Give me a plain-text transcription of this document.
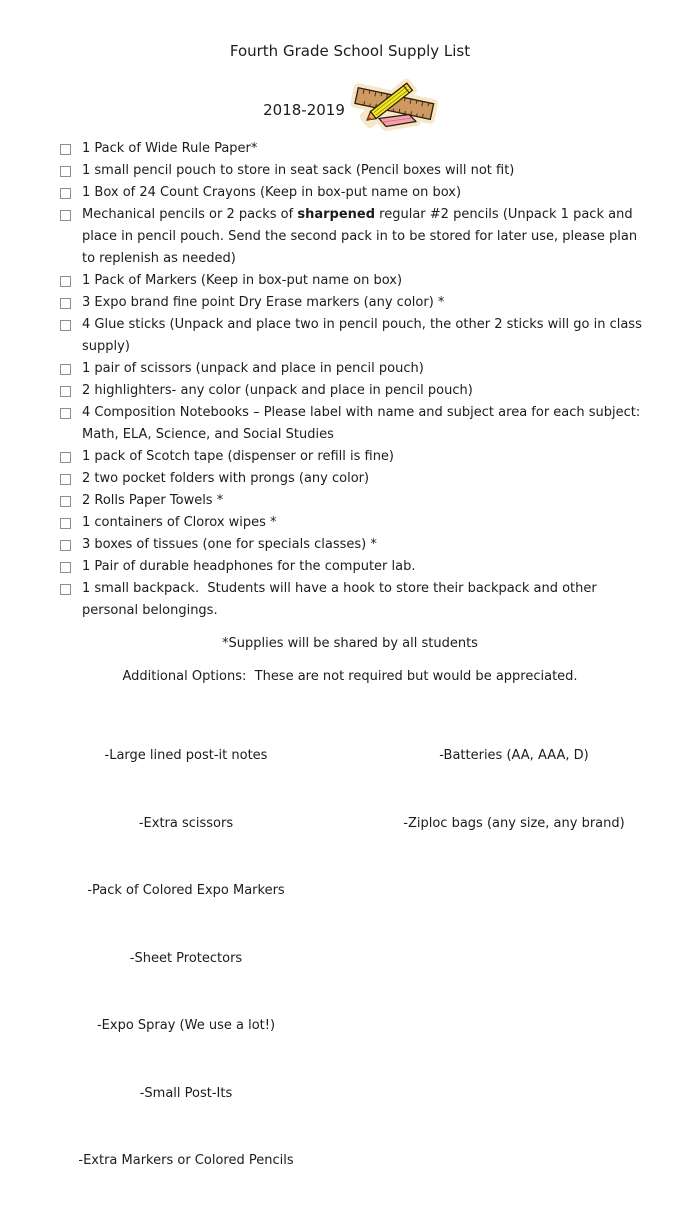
Fourth Grade School Supply List
2018-2019
1 Pack of Wide Rule Paper*
1 small pencil pouch to store in seat sack (Pencil boxes will not fit)
1 Box of 24 Count Crayons (Keep in box-put name on box)
Mechanical pencils or 2 packs of sharpened regular #2 pencils (Unpack 1 pack and place in pencil pouch. Send the second pack in to be stored for later use, please plan to replenish as needed)
1 Pack of Markers (Keep in box-put name on box)
3 Expo brand fine point Dry Erase markers (any color) *
4 Glue sticks (Unpack and place two in pencil pouch, the other 2 sticks will go in class supply)
1 pair of scissors (unpack and place in pencil pouch)
2 highlighters- any color (unpack and place in pencil pouch)
4 Composition Notebooks – Please label with name and subject area for each subject: Math, ELA, Science, and Social Studies
1 pack of Scotch tape (dispenser or refill is fine)
2 two pocket folders with prongs (any color)
2 Rolls Paper Towels *
1 containers of Clorox wipes *
3 boxes of tissues (one for specials classes) *
1 Pair of durable headphones for the computer lab.
1 small backpack.  Students will have a hook to store their backpack and other personal belongings.
*Supplies will be shared by all students
Additional Options:  These are not required but would be appreciated.

-Large lined post-it notes

-Extra scissors

-Pack of Colored Expo Markers

-Sheet Protectors

-Expo Spray (We use a lot!)

-Small Post-Its

-Extra Markers or Colored Pencils

-Batteries (AA, AAA, D)

-Ziploc bags (any size, any brand)
